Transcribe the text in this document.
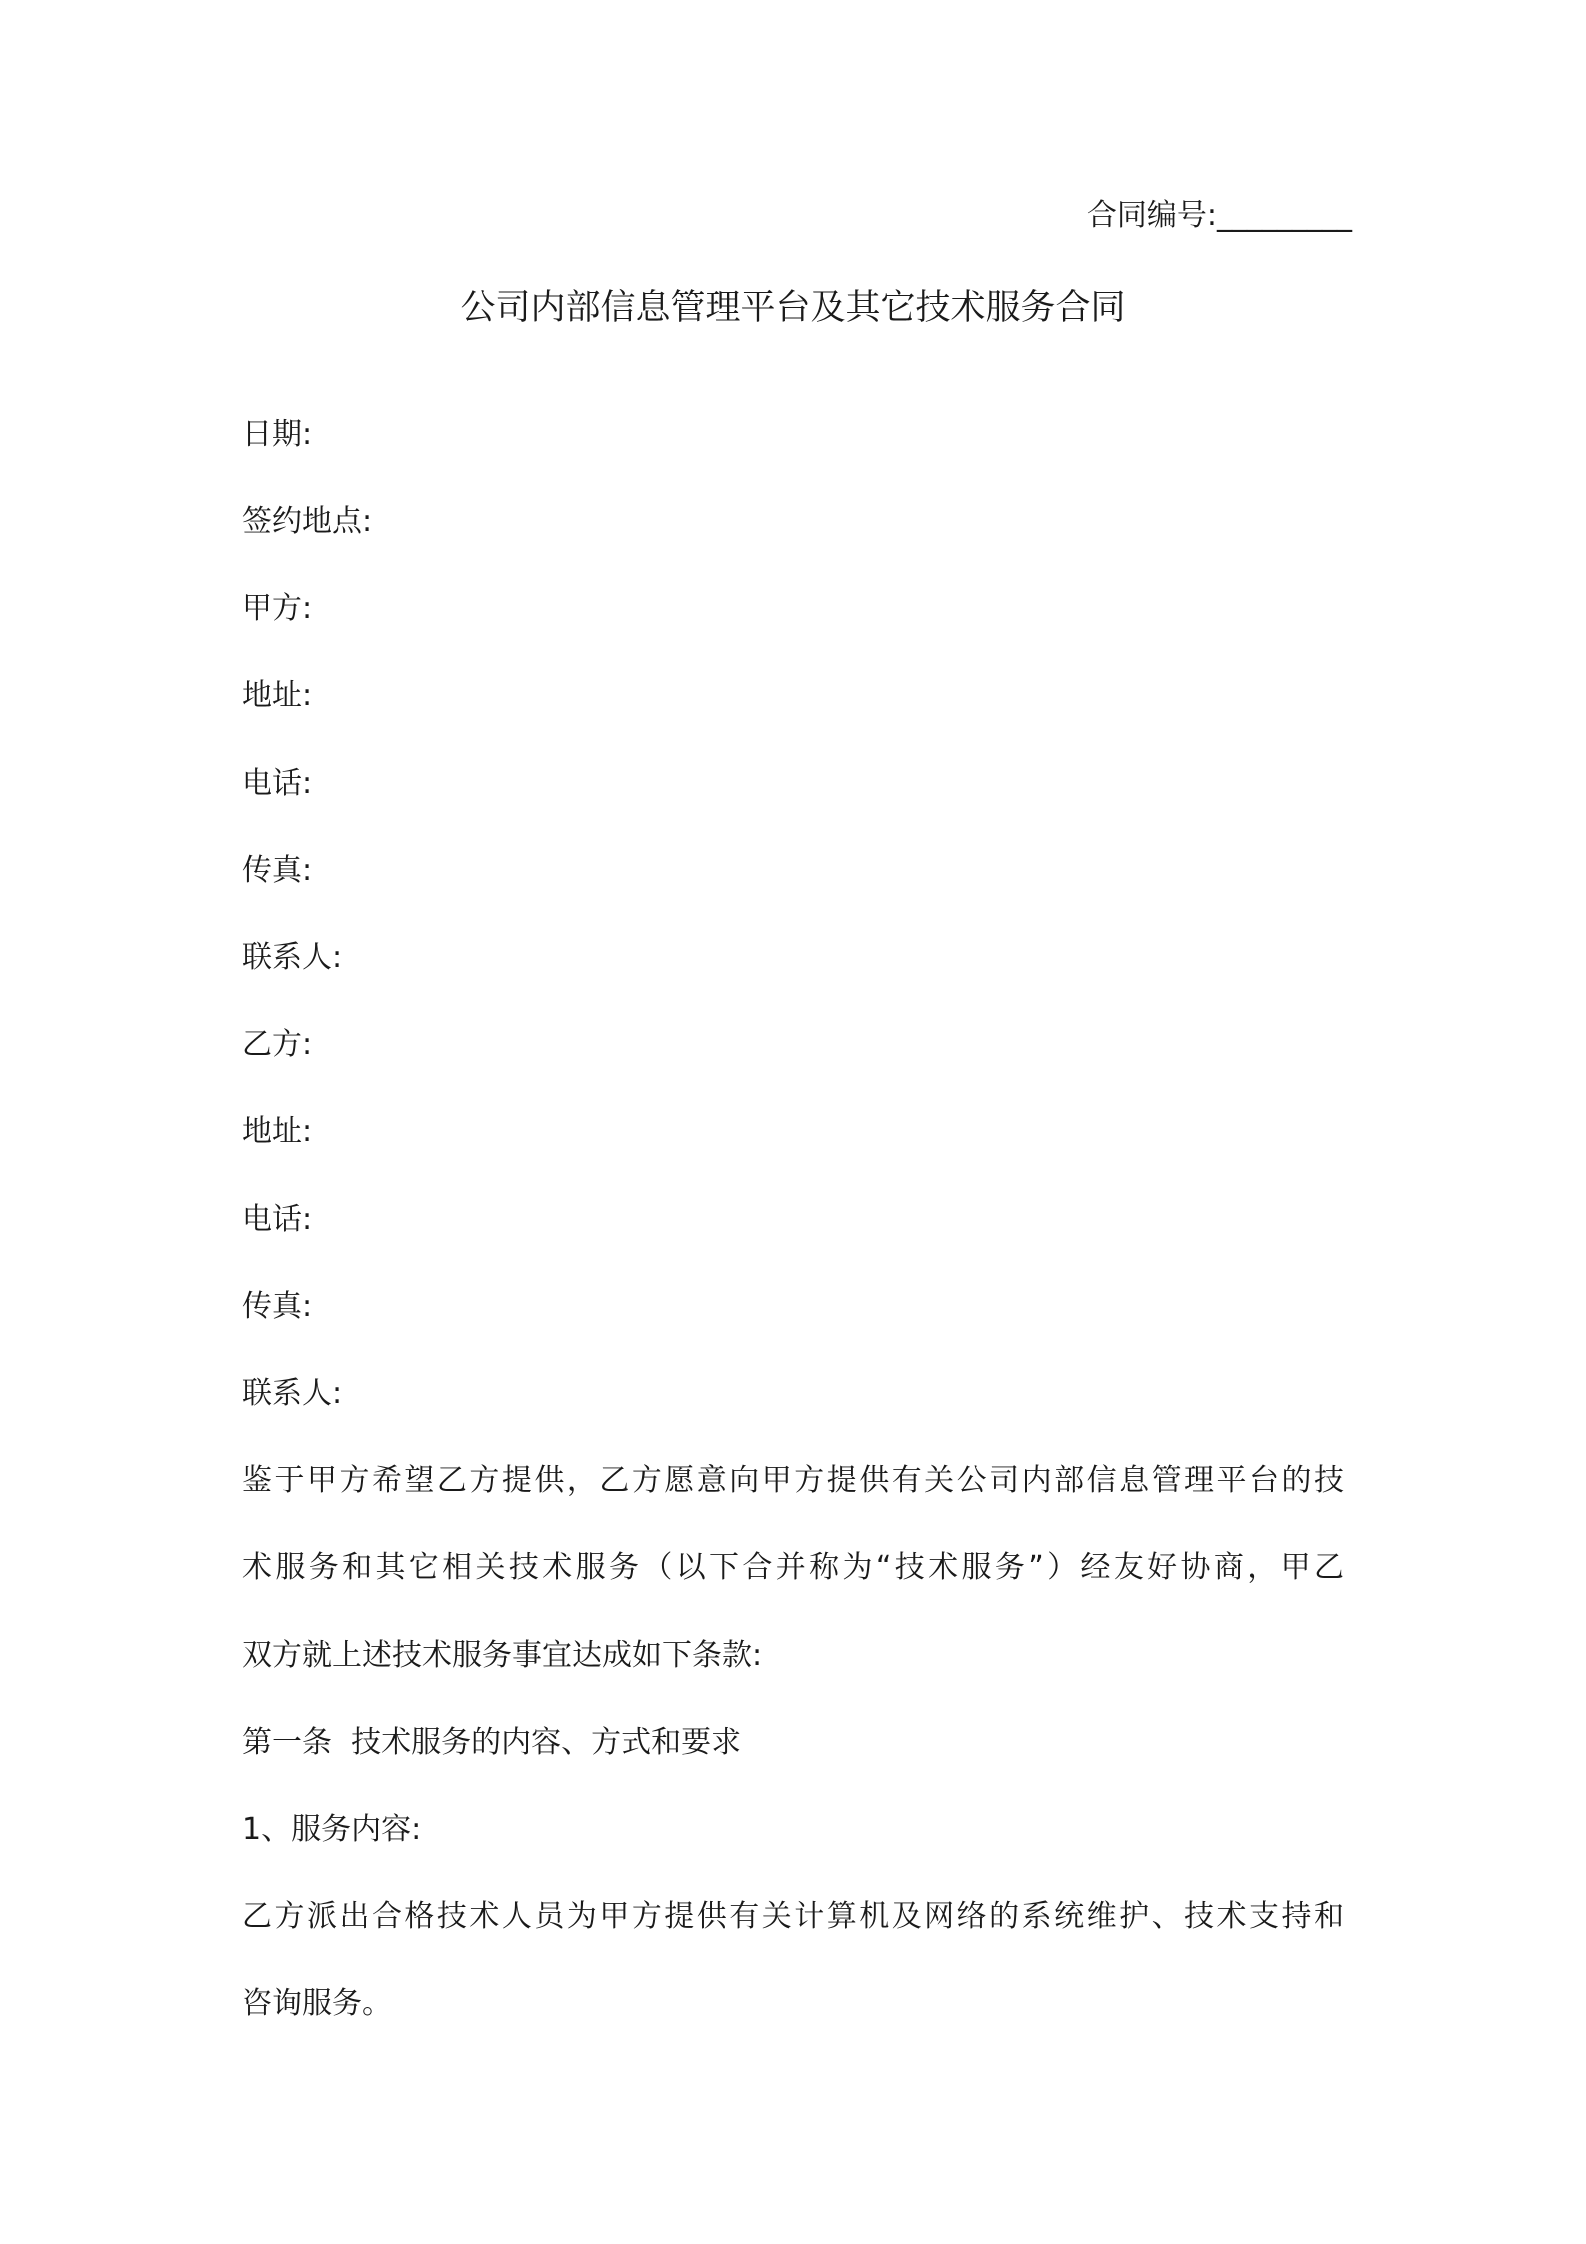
合同编号:_________
公司内部信息管理平台及其它技术服务合同
日期:
签约地点:
甲方:
地址:
电话:
传真:
联系人:
乙方:
地址:
电话:
传真:
联系人:
鉴于甲方希望乙方提供，乙方愿意向甲方提供有关公司内部信息管理平台的技
术服务和其它相关技术服务（以下合并称为“技术服务”）经友好协商，甲乙
双方就上述技术服务事宜达成如下条款:
第一条  技术服务的内容、方式和要求
1、服务内容:
乙方派出合格技术人员为甲方提供有关计算机及网络的系统维护、技术支持和
咨询服务。
